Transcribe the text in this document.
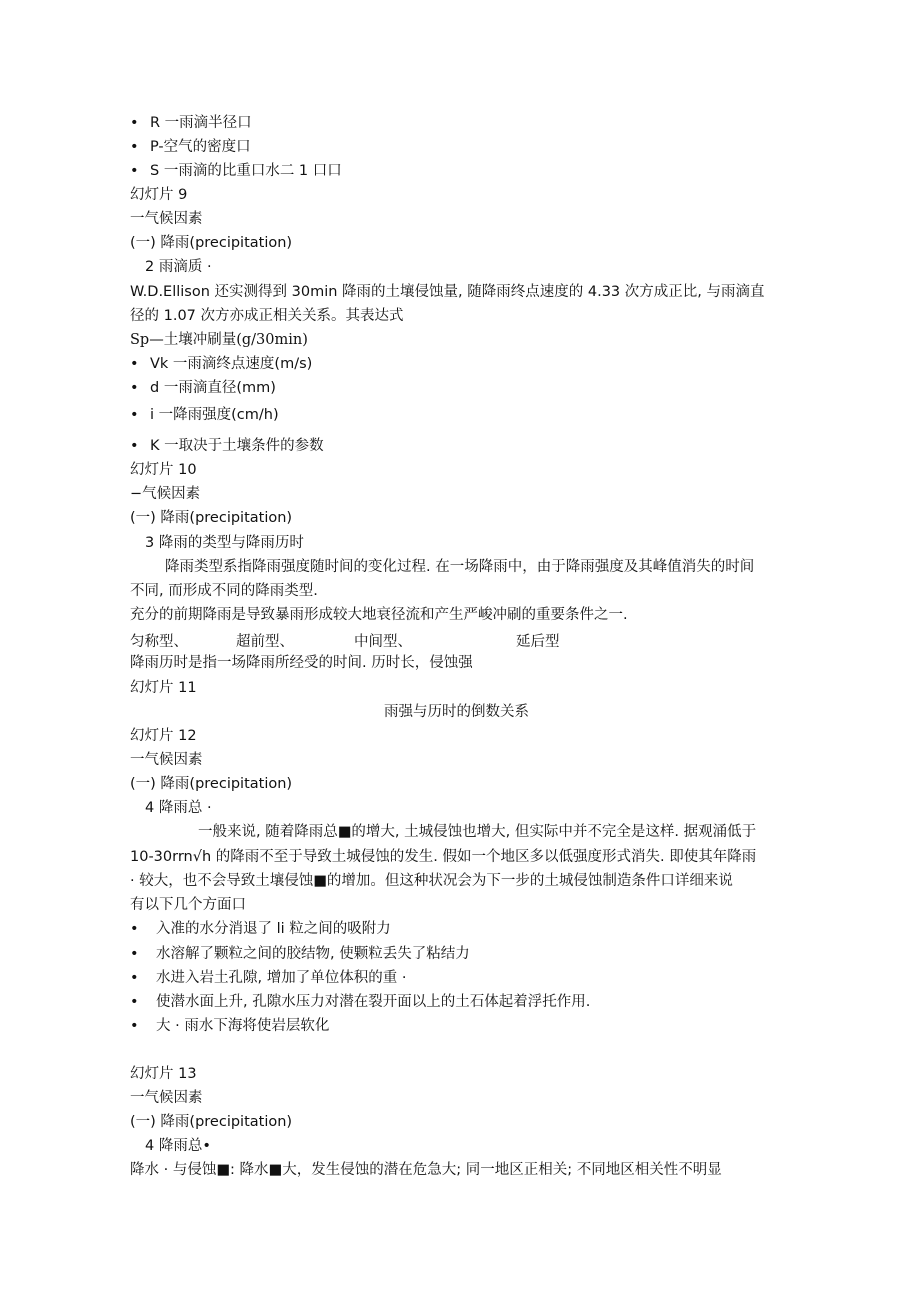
•

R 一雨滴半径口

•

P-空气的密度口

•

S 一雨滴的比重口水二 1 口口

幻灯片 9
一气候因素
(一) 降雨(precipitation)
2 雨滴质 ·
W.D.Ellison 还实测得到 30min 降雨的土壤侵蚀量, 随降雨终点速度的 4.33 次方成正比, 与雨滴直
径的 1.07 次方亦成正相关关系。其表达式
Sp—土壤冲刷量(g/30min)

•

Vk 一雨滴终点速度(m/s)

•

d 一雨滴直径(mm)

•

i 一降雨强度(cm/h)

•

K 一取决于土壤条件的参数

幻灯片 10
−气候因素
(一) 降雨(precipitation)
3 降雨的类型与降雨历时
降雨类型系指降雨强度随时间的变化过程. 在一场降雨中，由于降雨强度及其峰值消失的时间
不同, 而形成不同的降雨类型.
充分的前期降雨是导致暴雨形成较大地衰径流和产生严峻冲刷的重要条件之一.
匀称型、	超前型、	中间型、	延后型
降雨历时是指一场降雨所经受的时间. 历时长，侵蚀强
幻灯片 11
雨强与历时的倒数关系
幻灯片 12
一气候因素
(一) 降雨(precipitation)
4 降雨总 ·
一般来说, 随着降雨总■的增大, 土城侵蚀也增大, 但实际中并不完全是这样. 据观涌低于
10-30rrn√h 的降雨不至于导致土城侵蚀的发生. 假如一个地区多以低强度形式消失. 即使其年降雨
· 较大，也不会导致土壤侵蚀■的增加。但这种状况会为下一步的土城侵蚀制造条件口详细来说
有以下几个方面口

•

入准的水分消退了 li 粒之间的吸附力

•

水溶解了颗粒之间的胶结物, 使颗粒丢失了粘结力

•

水进入岩土孔隙, 增加了单位体积的重 ·

•

使潜水面上升, 孔隙水压力对潜在裂开面以上的土石体起着浮托作用.

•

大 · 雨水下海将使岩层软化

幻灯片 13
一气候因素
(一) 降雨(precipitation)
4 降雨总•
降水 · 与侵蚀■: 降水■大，发生侵蚀的潜在危急大; 同一地区正相关; 不同地区相关性不明显
